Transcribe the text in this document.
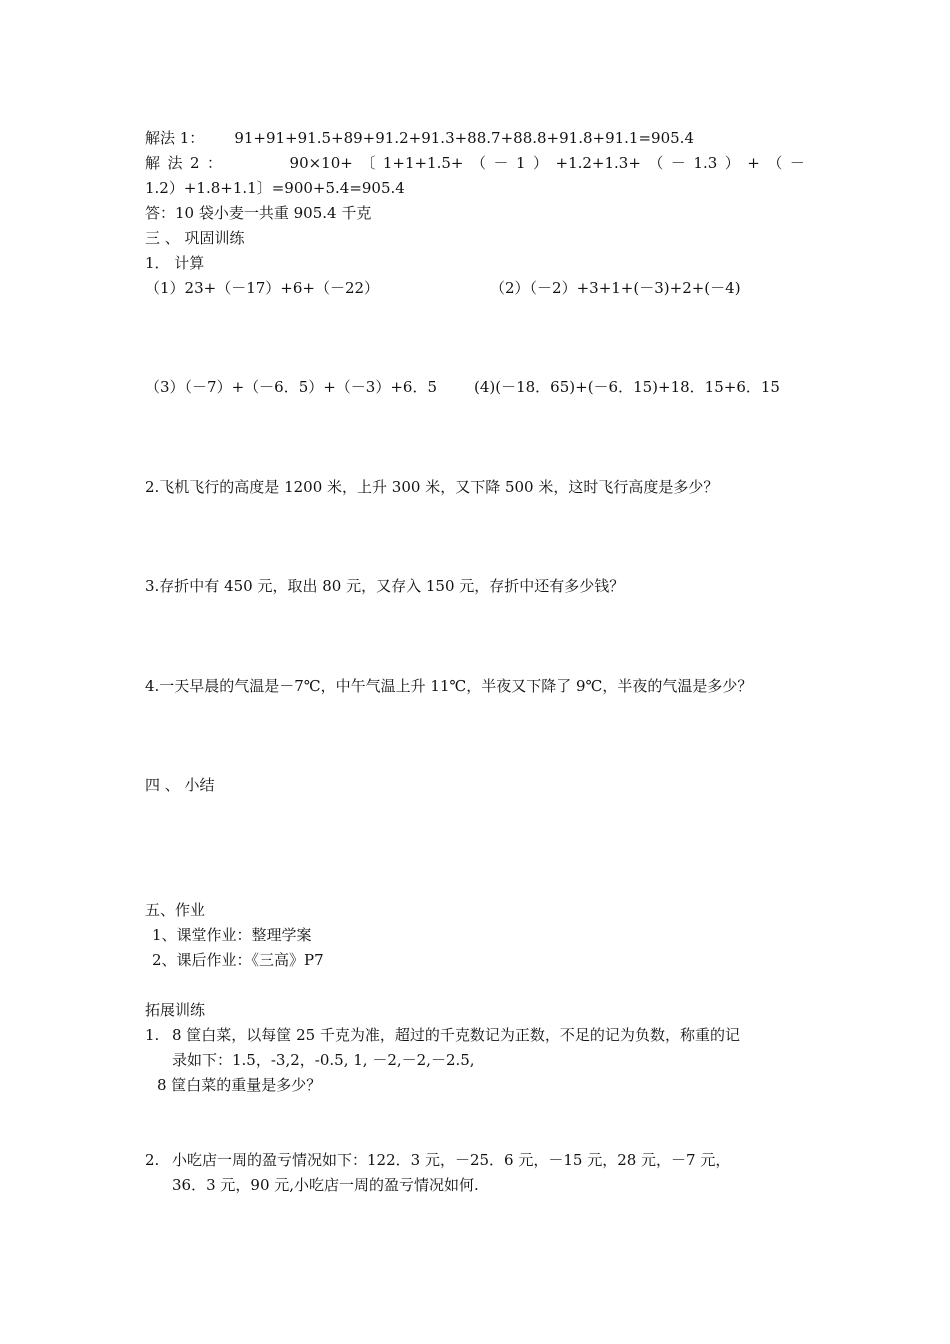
解法 1： 91+91+91.5+89+91.2+91.3+88.7+88.8+91.8+91.1=905.4
解 法 2 ：	90×10+ 〔 1+1+1.5+ （ － 1 ） +1.2+1.3+ （ － 1.3 ） + （ －
1.2）+1.8+1.1〕=900+5.4=905.4
答：10 袋小麦一共重 905.4 千克
三 、 巩固训练
1． 计算
（1）23+（－17）+6+（－22）	（2）（－2）+3+1+(－3)+2+(－4)
（3）（－7）+（－6．5）+（－3）+6．5 (4)(－18．65)+(－6．15)+18．15+6．15
2.飞机飞行的高度是 1200 米，上升 300 米，又下降 500 米，这时飞行高度是多少？
3.存折中有 450 元，取出 80 元，又存入 150 元，存折中还有多少钱？
4.一天早晨的气温是－7℃，中午气温上升 11℃，半夜又下降了 9℃，半夜的气温是多少？
四 、 小结
五、作业
1、课堂作业：整理学案
2、课后作业：《三高》P7
拓展训练
1. 8 筐白菜，以每筐 25 千克为准，超过的千克数记为正数，不足的记为负数，称重的记
录如下：1.5，-3,2，-0.5, 1, －2,－2,－2.5,
8 筐白菜的重量是多少？
2. 小吃店一周的盈亏情况如下：122．3 元，－25．6 元，－15 元，28 元，－7 元，
36．3 元，90 元,小吃店一周的盈亏情况如何.
